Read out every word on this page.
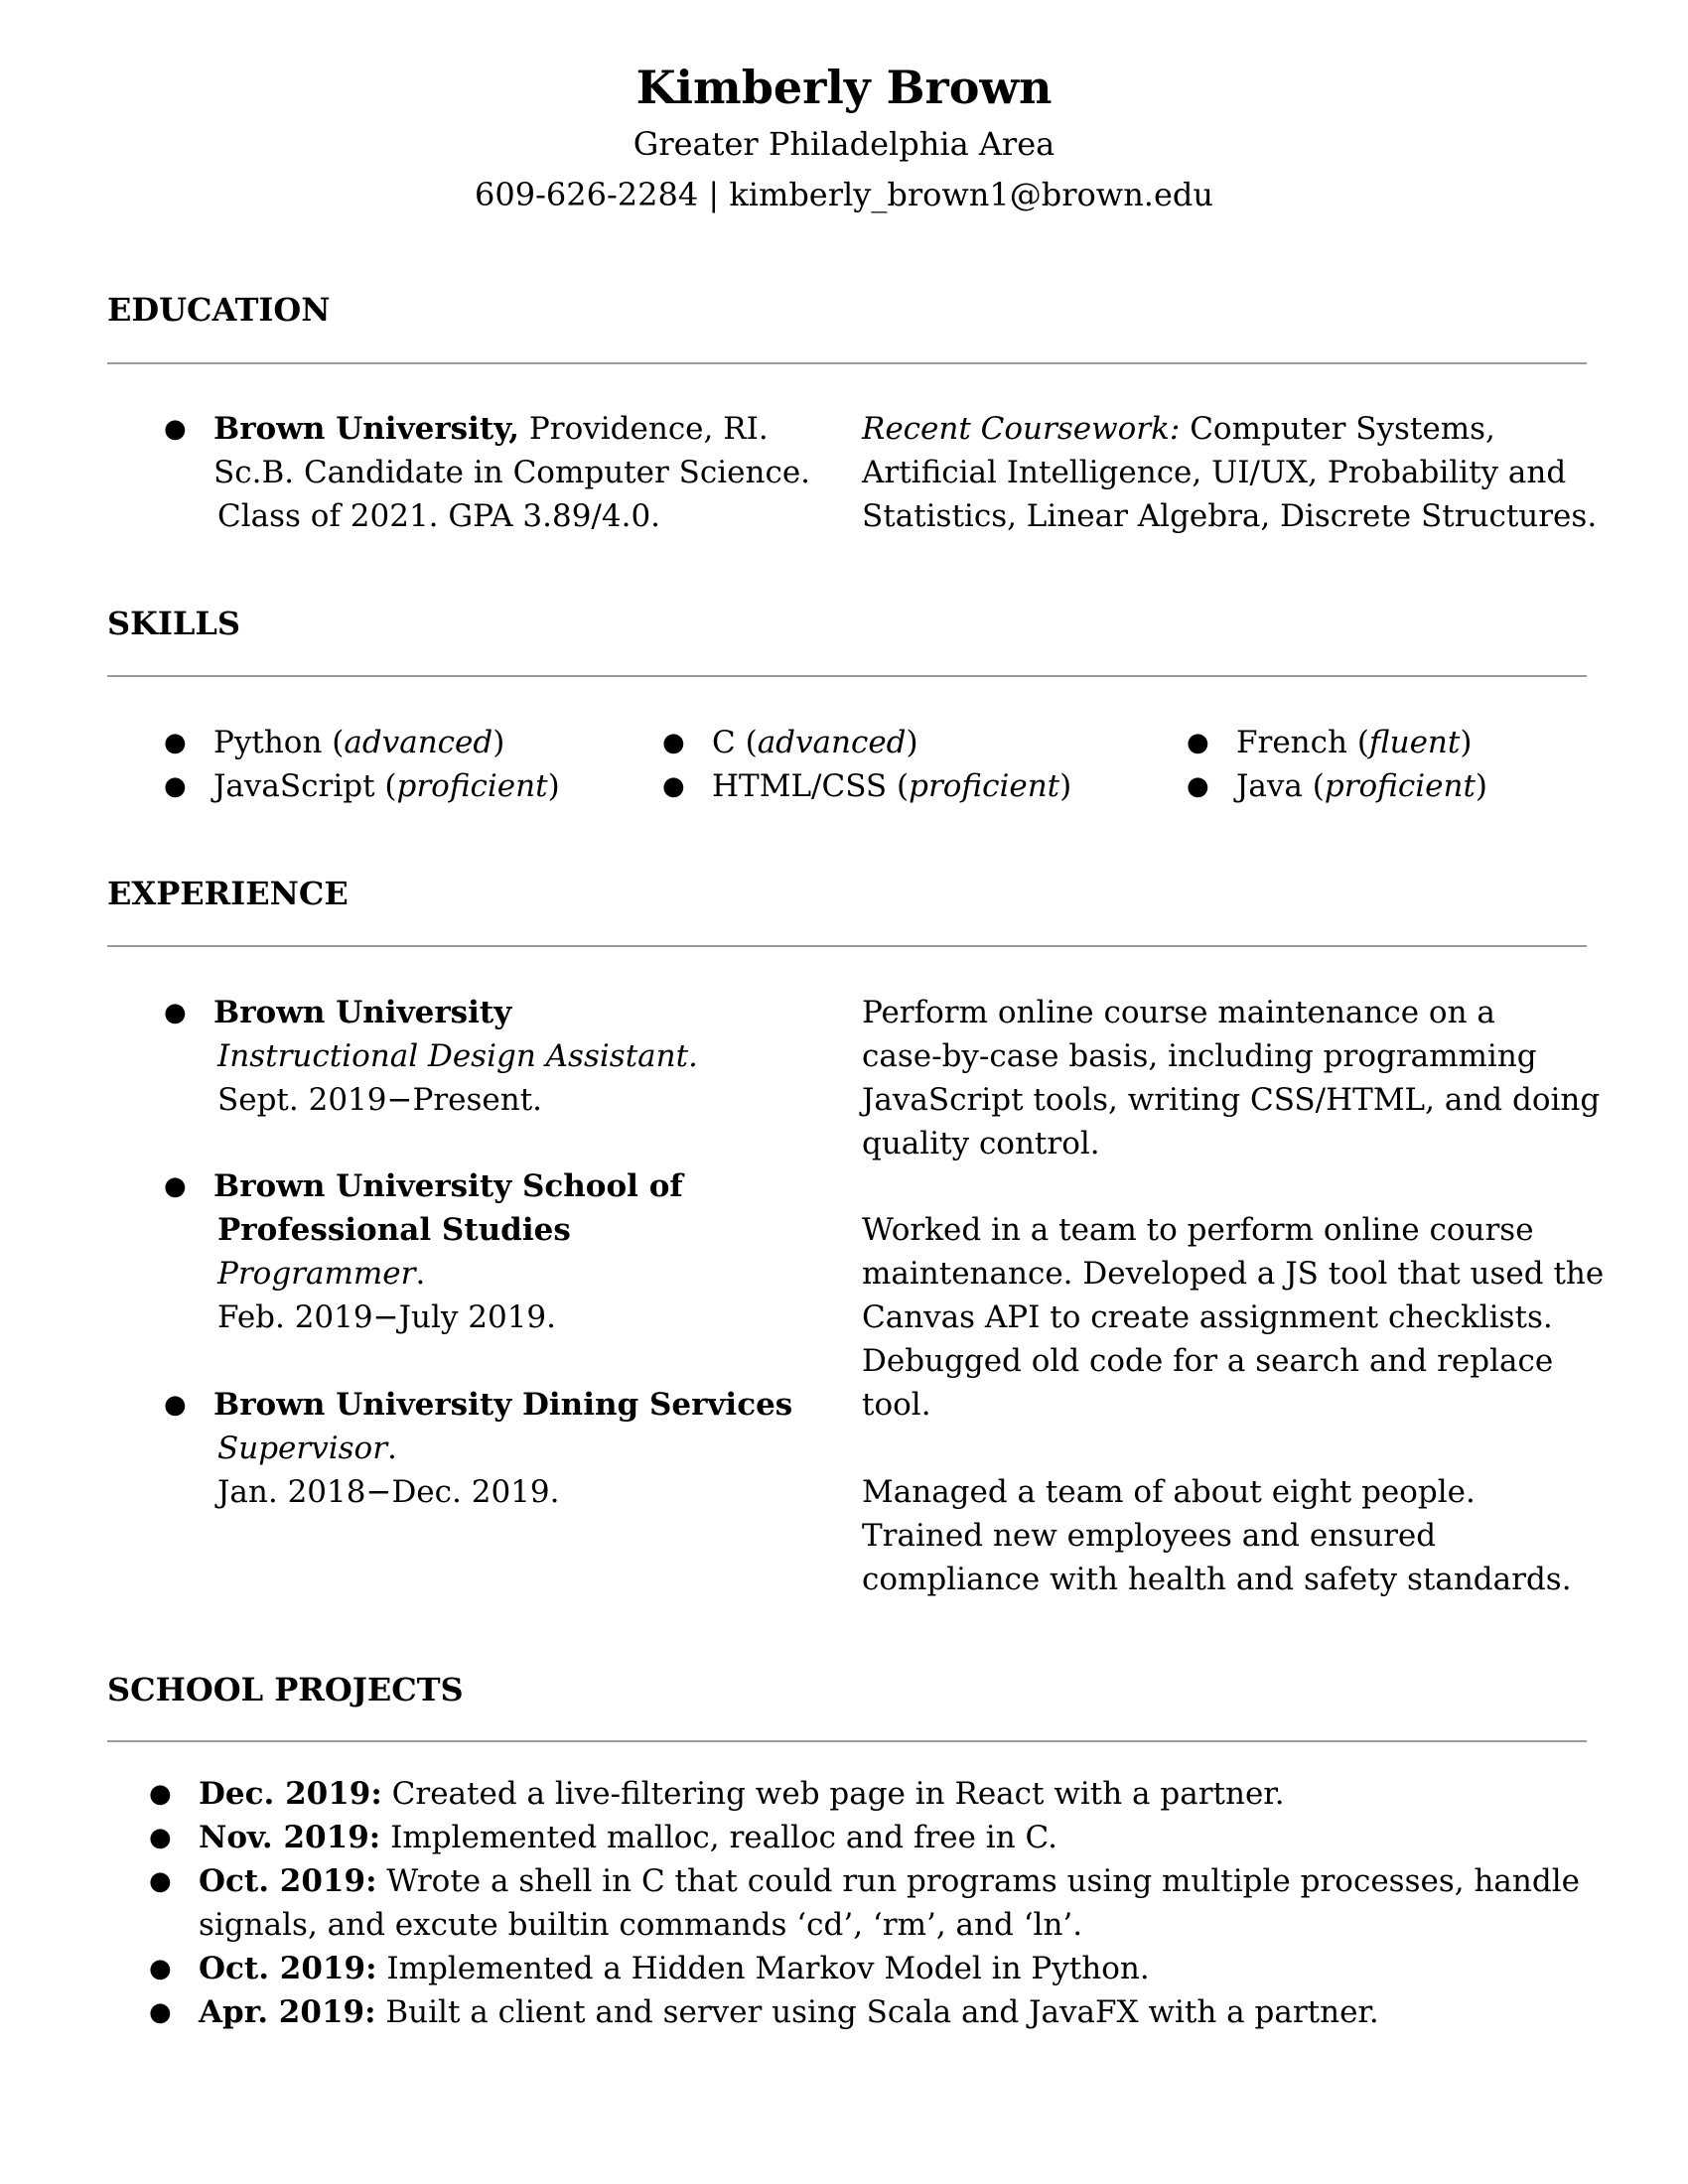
Kimberly Brown
Greater Philadelphia Area
609-626-2284 | kimberly_brown1@brown.edu
EDUCATION
● Brown University, Providence, RI.
Sc.B. Candidate in Computer Science.
Class of 2021. GPA 3.89/4.0.
Recent Coursework: Computer Systems,
Artificial Intelligence, UI/UX, Probability and
Statistics, Linear Algebra, Discrete Structures.
SKILLS
● Python (advanced)
● JavaScript (proficient)
● C (advanced)
● HTML/CSS (proficient)
● French (fluent)
● Java (proficient)
EXPERIENCE
● Brown University
Instructional Design Assistant.
Sept. 2019−Present.
Perform online course maintenance on a
case-by-case basis, including programming
JavaScript tools, writing CSS/HTML, and doing
quality control.
● Brown University School of
Professional Studies
Programmer.
Feb. 2019−July 2019.
Worked in a team to perform online course
maintenance. Developed a JS tool that used the
Canvas API to create assignment checklists.
Debugged old code for a search and replace
tool.
● Brown University Dining Services
Supervisor.
Jan. 2018−Dec. 2019.	Managed a team of about eight people.
Trained new employees and ensured
compliance with health and safety standards.
SCHOOL PROJECTS
● Dec. 2019: Created a live-filtering web page in React with a partner.
● Nov. 2019: Implemented malloc, realloc and free in C.
● Oct. 2019: Wrote a shell in C that could run programs using multiple processes, handle
signals, and excute builtin commands ‘cd’, ‘rm’, and ‘ln’.
● Oct. 2019: Implemented a Hidden Markov Model in Python.
● Apr. 2019: Built a client and server using Scala and JavaFX with a partner.
